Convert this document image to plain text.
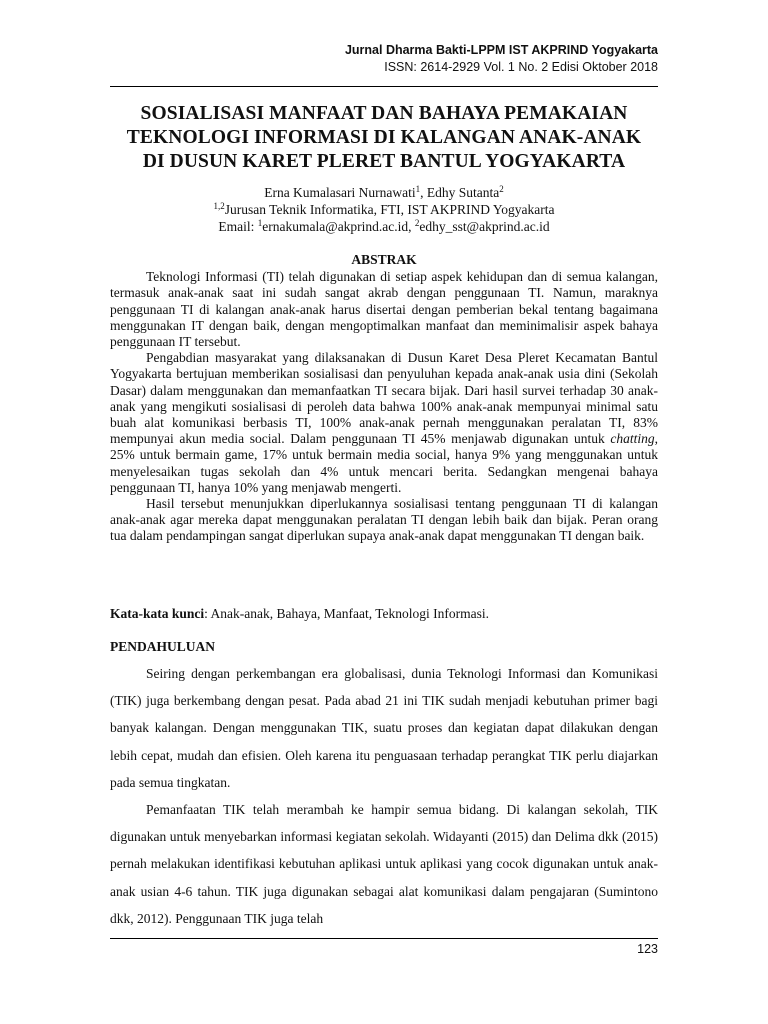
Jurnal Dharma Bakti-LPPM IST AKPRIND Yogyakarta
ISSN: 2614-2929 Vol. 1 No. 2 Edisi Oktober 2018
SOSIALISASI MANFAAT DAN BAHAYA PEMAKAIAN
TEKNOLOGI INFORMASI DI KALANGAN ANAK-ANAK
DI DUSUN KARET PLERET BANTUL YOGYAKARTA
Erna Kumalasari Nurnawati$^1$, Edhy Sutanta$^2$
$^{1,2}$Jurusan Teknik Informatika, FTI, IST AKPRIND Yogyakarta
Email: $^1$ernakumala@akprind.ac.id, $^2$edhy_sst@akprind.ac.id
ABSTRAK

Teknologi Informasi (TI) telah digunakan di setiap aspek kehidupan dan di semua kalangan, termasuk anak-anak saat ini sudah sangat akrab dengan penggunaan TI. Namun, maraknya penggunaan TI di kalangan anak-anak harus disertai dengan pemberian bekal tentang bagaimana menggunakan IT dengan baik, dengan mengoptimalkan manfaat dan meminimalisir aspek bahaya penggunaan IT tersebut.

Pengabdian masyarakat yang dilaksanakan di Dusun Karet Desa Pleret Kecamatan Bantul Yogyakarta bertujuan memberikan sosialisasi dan penyuluhan kepada anak-anak usia dini (Sekolah Dasar) dalam menggunakan dan memanfaatkan TI secara bijak. Dari hasil survei terhadap 30 anak-anak yang mengikuti sosialisasi di peroleh data bahwa 100% anak-anak mempunyai minimal satu buah alat komunikasi berbasis TI, 100% anak-anak pernah menggunakan peralatan TI, 83% mempunyai akun media social. Dalam penggunaan TI 45% menjawab digunakan untuk chatting, 25% untuk bermain game, 17% untuk bermain media social, hanya 9% yang menggunakan untuk menyelesaikan tugas sekolah dan 4% untuk mencari berita. Sedangkan mengenai bahaya penggunaan TI, hanya 10% yang menjawab mengerti.

Hasil tersebut menunjukkan diperlukannya sosialisasi tentang penggunaan TI di kalangan anak-anak agar mereka dapat menggunakan peralatan TI dengan lebih baik dan bijak. Peran orang tua dalam pendampingan sangat diperlukan supaya anak-anak dapat menggunakan TI dengan baik.

Kata-kata kunci: Anak-anak, Bahaya, Manfaat, Teknologi Informasi.
PENDAHULUAN

Seiring dengan perkembangan era globalisasi, dunia Teknologi Informasi dan Komunikasi (TIK) juga berkembang dengan pesat. Pada abad 21 ini TIK sudah menjadi kebutuhan primer bagi banyak kalangan. Dengan menggunakan TIK, suatu proses dan kegiatan dapat dilakukan dengan lebih cepat, mudah dan efisien. Oleh karena itu penguasaan terhadap perangkat TIK perlu diajarkan pada semua tingkatan.

Pemanfaatan TIK telah merambah ke hampir semua bidang. Di kalangan sekolah, TIK digunakan untuk menyebarkan informasi kegiatan sekolah. Widayanti (2015) dan Delima dkk (2015) pernah melakukan identifikasi kebutuhan aplikasi untuk aplikasi yang cocok digunakan untuk anak-anak usian 4-6 tahun. TIK juga digunakan sebagai alat komunikasi dalam pengajaran (Sumintono dkk, 2012). Penggunaan TIK juga telah

123
